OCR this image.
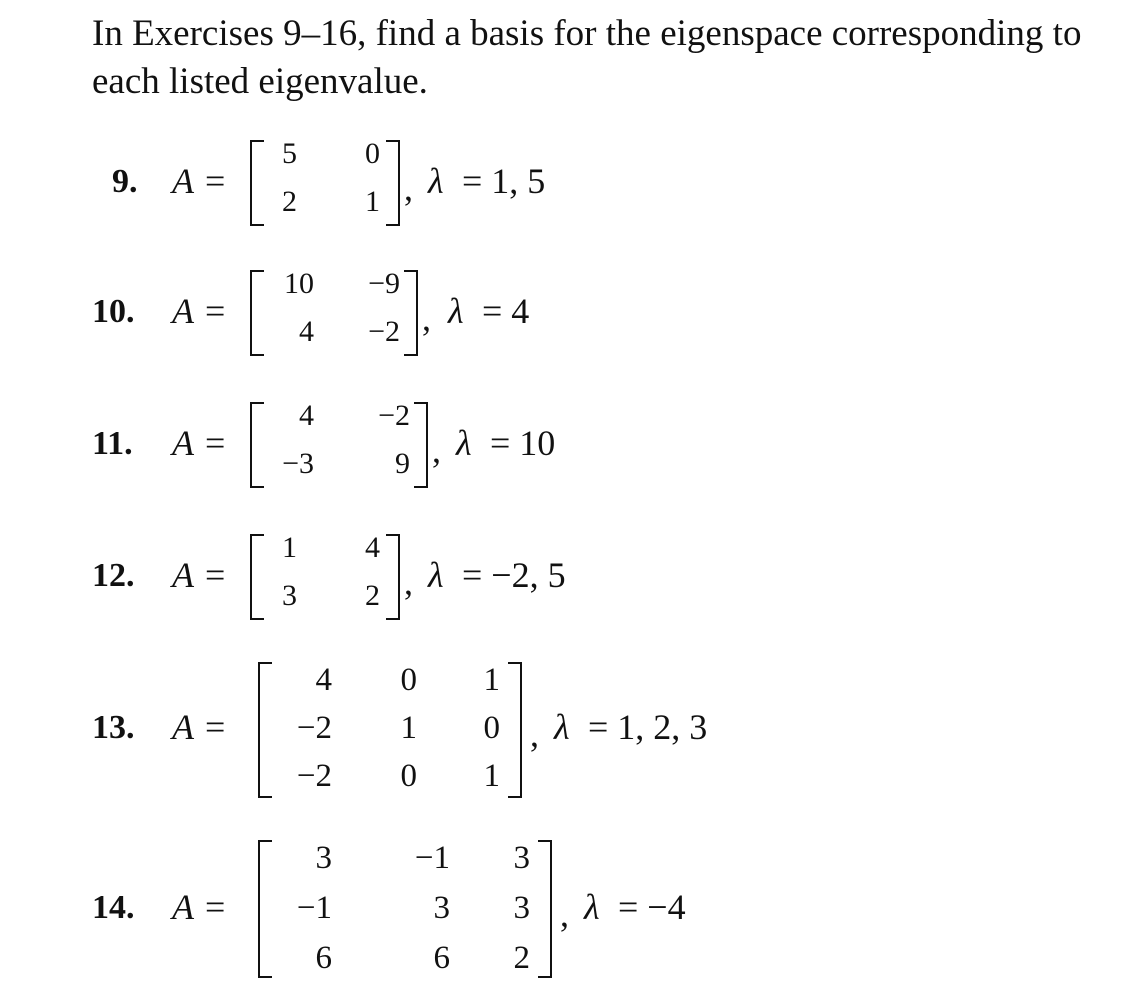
In Exercises 9–16, find a basis for the eigenspace corresponding to each listed eigenvalue.

9. A =
5	0
2	1 , λ = 1, 5
10. A =
10	−9
4	−2 , λ = 4
11. A =
4	−2
−3	9 , λ = 10
12. A =
1	4
3	2 , λ = −2, 5
13. A =
4	0	1
−2	1	0
−2	0	1
, λ = 1, 2, 3
14. A =
3	−1	3
−1	3	3
6	6	2
, λ = −4
